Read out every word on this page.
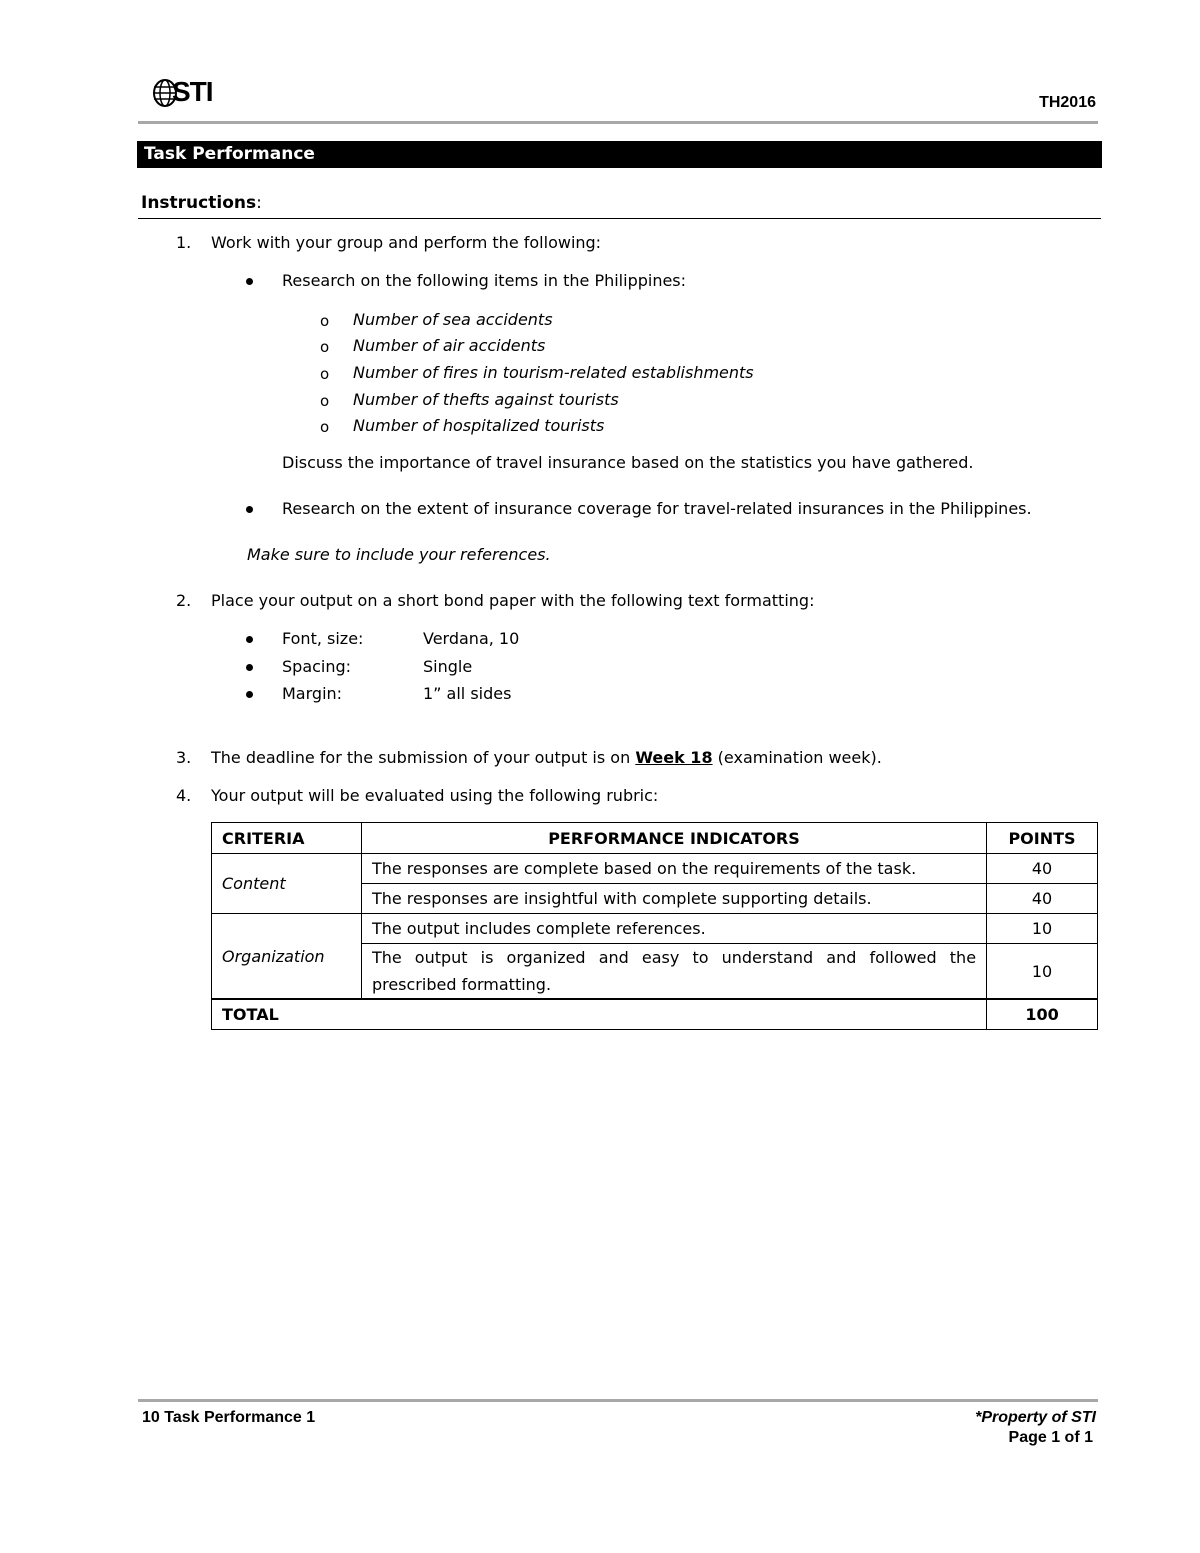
STI	TH2016
Task Performance
Instructions:
1. Work with your group and perform the following:
Research on the following items in the Philippines:
o Number of sea accidents
o Number of air accidents
o Number of fires in tourism-related establishments
o Number of thefts against tourists
o Number of hospitalized tourists
Discuss the importance of travel insurance based on the statistics you have gathered.
Research on the extent of insurance coverage for travel-related insurances in the Philippines.
Make sure to include your references.
2. Place your output on a short bond paper with the following text formatting:
Font, size:	Verdana, 10
Spacing:	Single
Margin:	1” all sides
3. The deadline for the submission of your output is on Week 18 (examination week).
4. Your output will be evaluated using the following rubric:
CRITERIA	PERFORMANCE INDICATORS	POINTS
Content	The responses are complete based on the requirements of the task.	40
	The responses are insightful with complete supporting details.	40
Organization	The output includes complete references.	10
	The output is organized and easy to understand and followed the prescribed formatting.	10
TOTAL		100
10 Task Performance 1	*Property of STI
Page 1 of 1
